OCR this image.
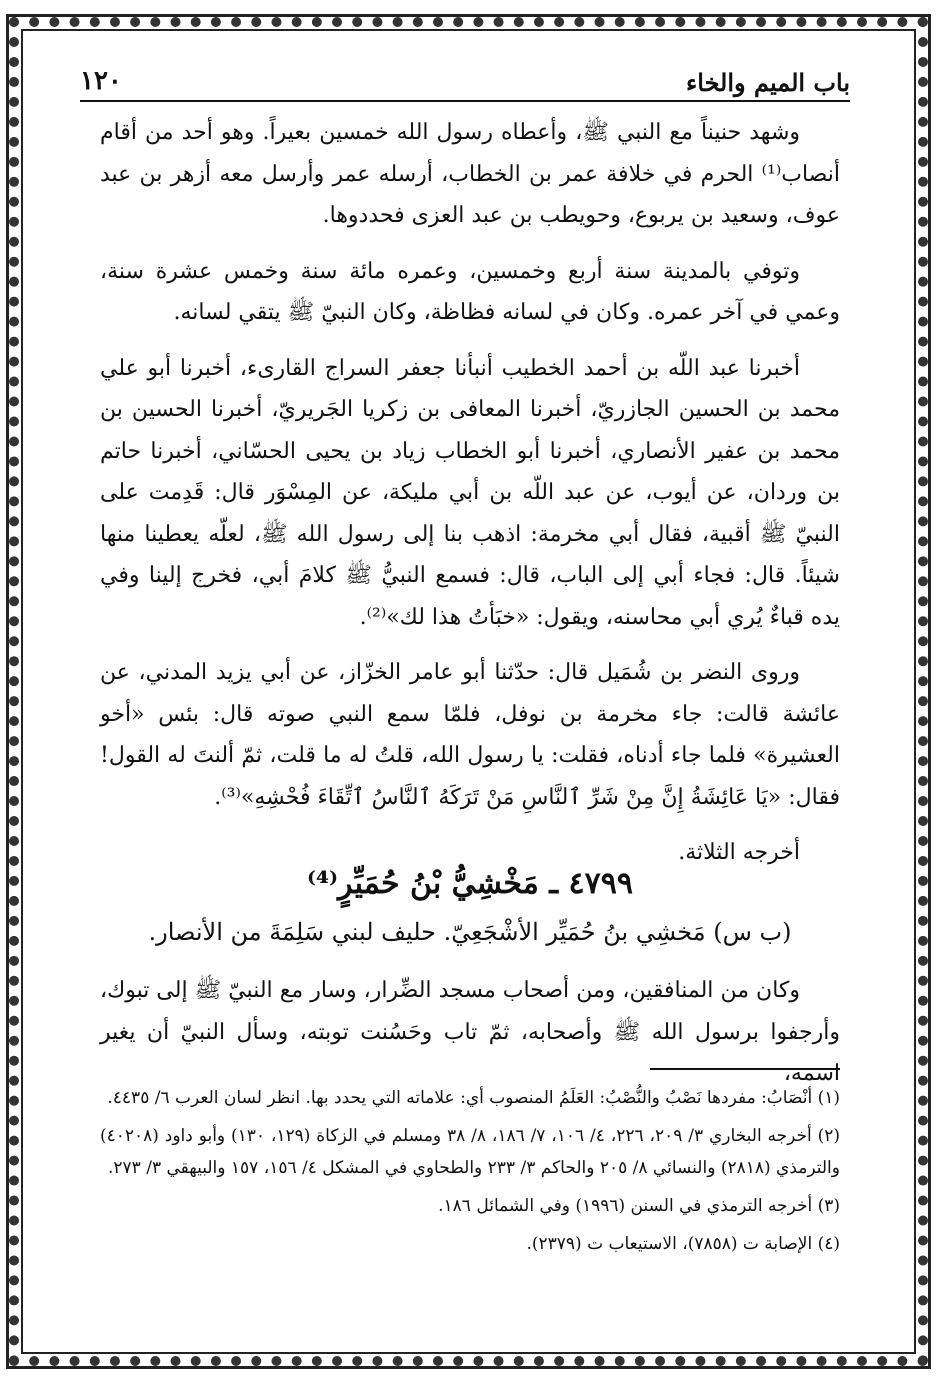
باب الميم والخاء
١٢٠

وشهد حنيناً مع النبي ﷺ، وأعطاه رسول الله خمسين بعيراً. وهو أحد من أقام أنصاب⁽¹⁾ الحرم في خلافة عمر بن الخطاب، أرسله عمر وأرسل معه أزهر بن عبد عوف، وسعيد بن يربوع، وحويطب بن عبد العزى فحددوها.

وتوفي بالمدينة سنة أربع وخمسين، وعمره مائة سنة وخمس عشرة سنة، وعمي في آخر عمره. وكان في لسانه فظاظة، وكان النبيّ ﷺ يتقي لسانه.

أخبرنا عبد اللّه بن أحمد الخطيب أنبأنا جعفر السراج القارىء، أخبرنا أبو علي محمد بن الحسين الجازريّ، أخبرنا المعافى بن زكريا الجَريريّ، أخبرنا الحسين بن محمد بن عفير الأنصاري، أخبرنا أبو الخطاب زياد بن يحيى الحسّاني، أخبرنا حاتم بن وردان، عن أيوب، عن عبد اللّه بن أبي مليكة، عن المِسْوَر قال: قَدِمت على النبيّ ﷺ أقبية، فقال أبي مخرمة: اذهب بنا إلى رسول الله ﷺ، لعلّه يعطينا منها شيئاً. قال: فجاء أبي إلى الباب، قال: فسمع النبيُّ ﷺ كلامَ أبي، فخرج إلينا وفي يده قباءٌ يُري أبي محاسنه، ويقول: «خبَأتُ هذا لك»⁽²⁾.

وروى النضر بن شُمَيل قال: حدّثنا أبو عامر الخزّاز، عن أبي يزيد المدني، عن عائشة قالت: جاء مخرمة بن نوفل، فلمّا سمع النبي صوته قال: بئس «أخو العشيرة» فلما جاء أدناه، فقلت: يا رسول الله، قلتُ له ما قلت، ثمّ ألنتَ له القول! فقال: «يَا عَائِشَةُ إِنَّ مِنْ شَرِّ ٱلنَّاسِ مَنْ تَرَكَهُ ٱلنَّاسُ ٱتِّقَاءَ فُحْشِهِ»⁽³⁾.

أخرجه الثلاثة.

٤٧٩٩ ـ مَخْشِيُّ بْنُ حُمَيِّرٍ⁽⁴⁾
(ب س) مَخشِي بنُ حُمَيِّر الأشْجَعِيّ. حليف لبني سَلِمَةَ من الأنصار.

وكان من المنافقين، ومن أصحاب مسجد الضِّرار، وسار مع النبيّ ﷺ إلى تبوك، وأرجفوا برسول الله ﷺ وأصحابه، ثمّ تاب وحَسُنت توبته، وسأل النبيّ أن يغير اسمه،

(١) أنْصَابُ: مفردها نَصْبُ والنُّصْبُ: العَلَمُ المنصوب أي: علاماته التي يحدد بها. انظر لسان العرب ٦/ ٤٤٣٥.
(٢) أخرجه البخاري ٣/ ٢٠٩، ٢٢٦، ٤/ ١٠٦، ٧/ ١٨٦، ٨/ ٣٨ ومسلم في الزكاة (١٢٩، ١٣٠) وأبو داود (٤٠٢٠٨) والترمذي (٢٨١٨) والنسائي ٨/ ٢٠٥ والحاكم ٣/ ٢٣٣ والطحاوي في المشكل ٤/ ١٥٦، ١٥٧ والبيهقي ٣/ ٢٧٣.
(٣) أخرجه الترمذي في السنن (١٩٩٦) وفي الشمائل ١٨٦.
(٤) الإصابة ت (٧٨٥٨)، الاستيعاب ت (٢٣٧٩).
